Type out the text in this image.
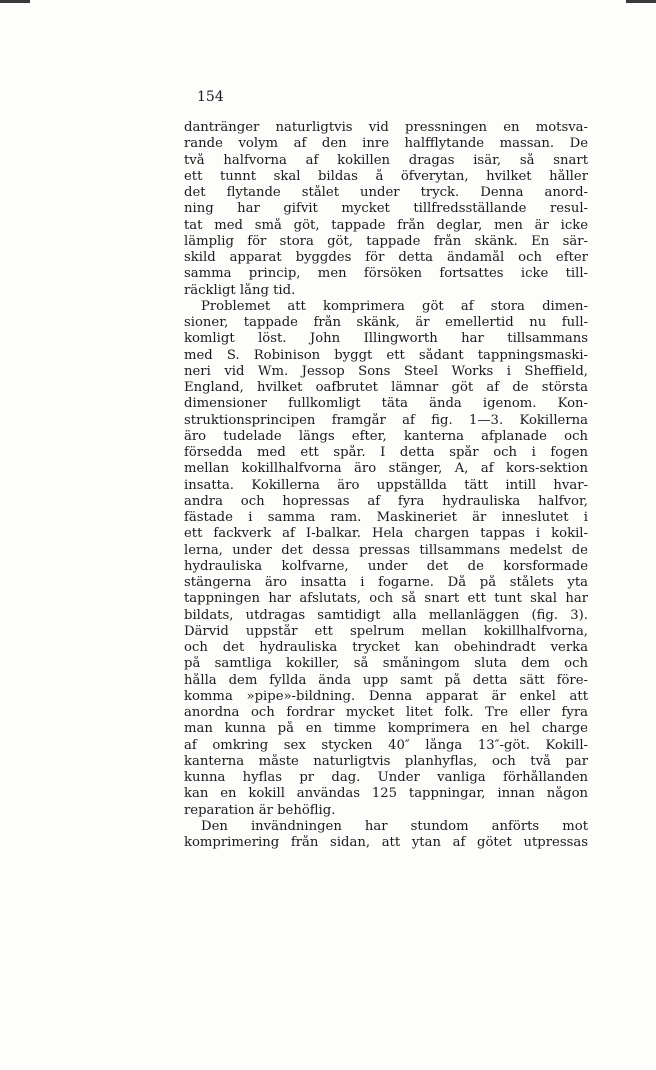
154
dantränger naturligtvis vid pressningen en motsva-
rande volym af den inre halfflytande massan. De
två halfvorna af kokillen dragas isär, så snart
ett tunnt skal bildas å öfverytan, hvilket håller
det flytande stålet under tryck. Denna anord-
ning har gifvit mycket tillfredsställande resul-
tat med små göt, tappade från deglar, men är icke
lämplig för stora göt, tappade från skänk. En sär-
skild apparat byggdes för detta ändamål och efter
samma princip, men försöken fortsattes icke till-
räckligt lång tid.
Problemet att komprimera göt af stora dimen-
sioner, tappade från skänk, är emellertid nu full-
komligt löst. John Illingworth har tillsammans
med S. Robinison byggt ett sådant tappningsmaski-
neri vid Wm. Jessop Sons Steel Works i Sheffield,
England, hvilket oafbrutet lämnar göt af de största
dimensioner fullkomligt täta ända igenom. Kon-
struktionsprincipen framgår af fig. 1—3. Kokillerna
äro tudelade längs efter, kanterna afplanade och
försedda med ett spår. I detta spår och i fogen
mellan kokillhalfvorna äro stänger, A, af kors-sektion
insatta. Kokillerna äro uppställda tätt intill hvar-
andra och hopressas af fyra hydrauliska halfvor,
fästade i samma ram. Maskineriet är inneslutet i
ett fackverk af I-balkar. Hela chargen tappas i kokil-
lerna, under det dessa pressas tillsammans medelst de
hydrauliska kolfvarne, under det de korsformade
stängerna äro insatta i fogarne. Då på stålets yta
tappningen har afslutats, och så snart ett tunt skal har
bildats, utdragas samtidigt alla mellanläggen (fig. 3).
Därvid uppstår ett spelrum mellan kokillhalfvorna,
och det hydrauliska trycket kan obehindradt verka
på samtliga kokiller, så småningom sluta dem och
hålla dem fyllda ända upp samt på detta sätt före-
komma »pipe»-bildning. Denna apparat är enkel att
anordna och fordrar mycket litet folk. Tre eller fyra
man kunna på en timme komprimera en hel charge
af omkring sex stycken 40″ långa 13″-göt. Kokill-
kanterna måste naturligtvis planhyflas, och två par
kunna hyflas pr dag. Under vanliga förhållanden
kan en kokill användas 125 tappningar, innan någon
reparation är behöflig.
Den invändningen har stundom anförts mot
komprimering från sidan, att ytan af götet utpressas
